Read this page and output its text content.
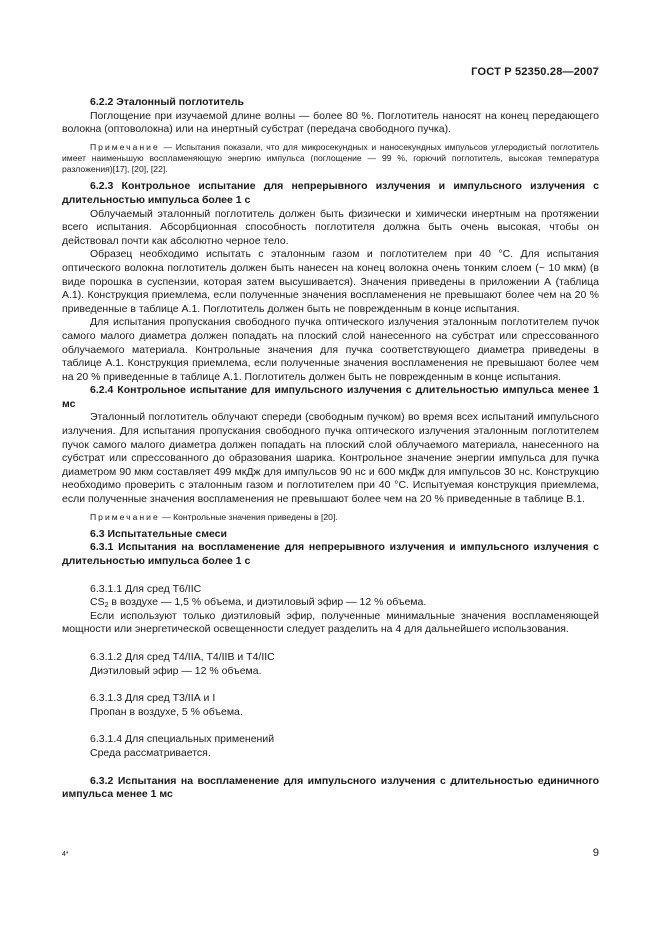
ГОСТ Р 52350.28—2007

6.2.2 Эталонный поглотитель

Поглощение при изучаемой длине волны — более 80 %. Поглотитель наносят на конец передающего волокна (оптоволокна) или на инертный субстрат (передача свободного пучка).

Примечание — Испытания показали, что для микросекундных и наносекундных импульсов углеродистый поглотитель имеет наименьшую воспламеняющую энергию импульса (поглощение — 99 %, горючий поглотитель, высокая температура разложения)[17], [20], [22].

6.2.3 Контрольное испытание для непрерывного излучения и импульсного излучения с длительностью импульса более 1 с

Облучаемый эталонный поглотитель должен быть физически и химически инертным на протяжении всего испытания. Абсорбционная способность поглотителя должна быть очень высокая, чтобы он действовал почти как абсолютно черное тело.

Образец необходимо испытать с эталонным газом и поглотителем при 40 °С. Для испытания оптического волокна поглотитель должен быть нанесен на конец волокна очень тонким слоем (~ 10 мкм) (в виде порошка в суспензии, которая затем высушивается). Значения приведены в приложении А (таблица А.1). Конструкция приемлема, если полученные значения воспламенения не превышают более чем на 20 % приведенные в таблице А.1. Поглотитель должен быть не поврежденным в конце испытания.

Для испытания пропускания свободного пучка оптического излучения эталонным поглотителем пучок самого малого диаметра должен попадать на плоский слой нанесенного на субстрат или спрессованного облучаемого материала. Контрольные значения для пучка соответствующего диаметра приведены в таблице А.1. Конструкция приемлема, если полученные значения воспламенения не превышают более чем на 20 % приведенные в таблице А.1. Поглотитель должен быть не поврежденным в конце испытания.

6.2.4 Контрольное испытание для импульсного излучения с длительностью импульса менее 1 мс

Эталонный поглотитель облучают спереди (свободным пучком) во время всех испытаний импульсного излучения. Для испытания пропускания свободного пучка оптического излучения эталонным поглотителем пучок самого малого диаметра должен попадать на плоский слой облучаемого материала, нанесенного на субстрат или спрессованного до образования шарика. Контрольное значение энергии импульса для пучка диаметром 90 мкм составляет 499 мкДж для импульсов 90 нс и 600 мкДж для импульсов 30 нс. Конструкцию необходимо проверить с эталонным газом и поглотителем при 40 °С. Испытуемая конструкция приемлема, если полученные значения воспламенения не превышают более чем на 20 % приведенные в таблице В.1.

Примечание — Контрольные значения приведены в [20].

6.3 Испытательные смеси

6.3.1 Испытания на воспламенение для непрерывного излучения и импульсного излучения с длительностью импульса более 1 с

6.3.1.1 Для сред Т6/IIС

$CS_2$ в воздухе — 1,5 % объема, и диэтиловый эфир — 12 % объема.

Если используют только диэтиловый эфир, полученные минимальные значения воспламеняющей мощности или энергетической освещенности следует разделить на 4 для дальнейшего использования.

6.3.1.2 Для сред Т4/IIА, Т4/IIВ и Т4/IIС

Диэтиловый эфир — 12 % объема.

6.3.1.3 Для сред Т3/IIА и I

Пропан в воздухе, 5 % объема.

6.3.1.4 Для специальных применений

Среда рассматривается.

6.3.2 Испытания на воспламенение для импульсного излучения с длительностью единичного импульса менее 1 мс

4*	9
